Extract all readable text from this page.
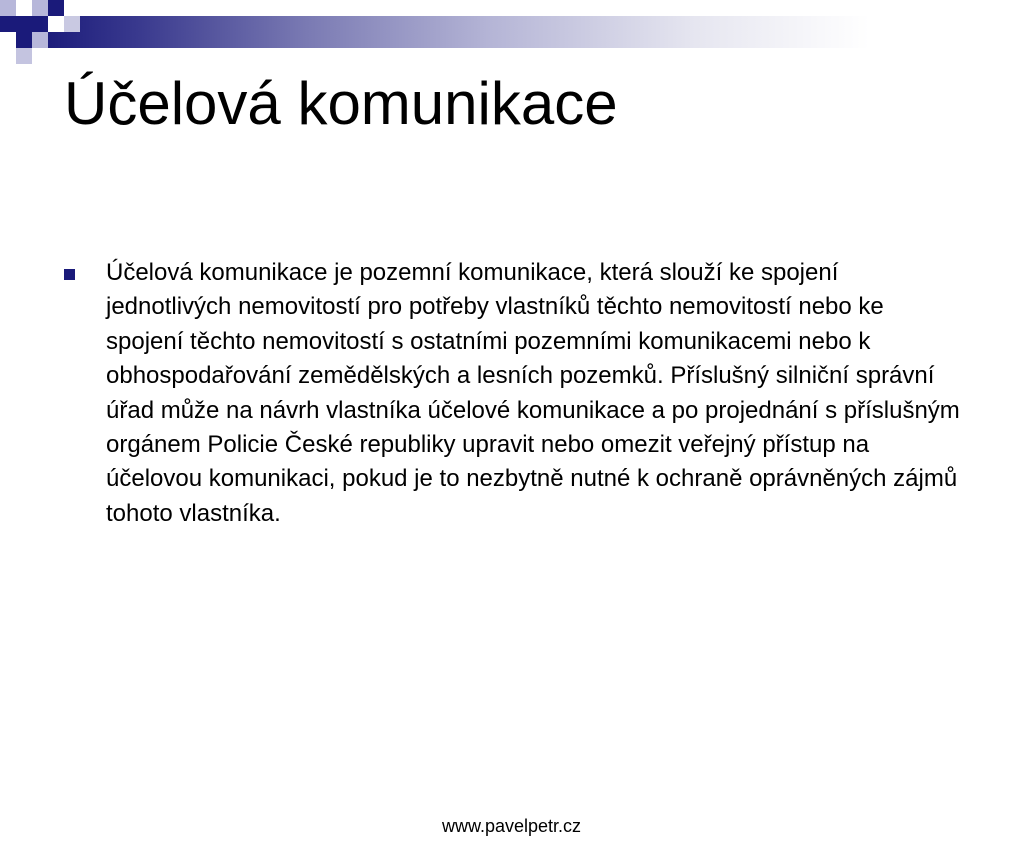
Účelová komunikace
Účelová komunikace je pozemní komunikace, která slouží ke spojení jednotlivých nemovitostí pro potřeby vlastníků těchto nemovitostí nebo ke spojení těchto nemovitostí s ostatními pozemními komunikacemi nebo k obhospodařování zemědělských a lesních pozemků. Příslušný silniční správní úřad může na návrh vlastníka účelové komunikace a po projednání s příslušným orgánem Policie České republiky upravit nebo omezit veřejný přístup na účelovou komunikaci, pokud je to nezbytně nutné k ochraně oprávněných zájmů tohoto vlastníka.
www.pavelpetr.cz
